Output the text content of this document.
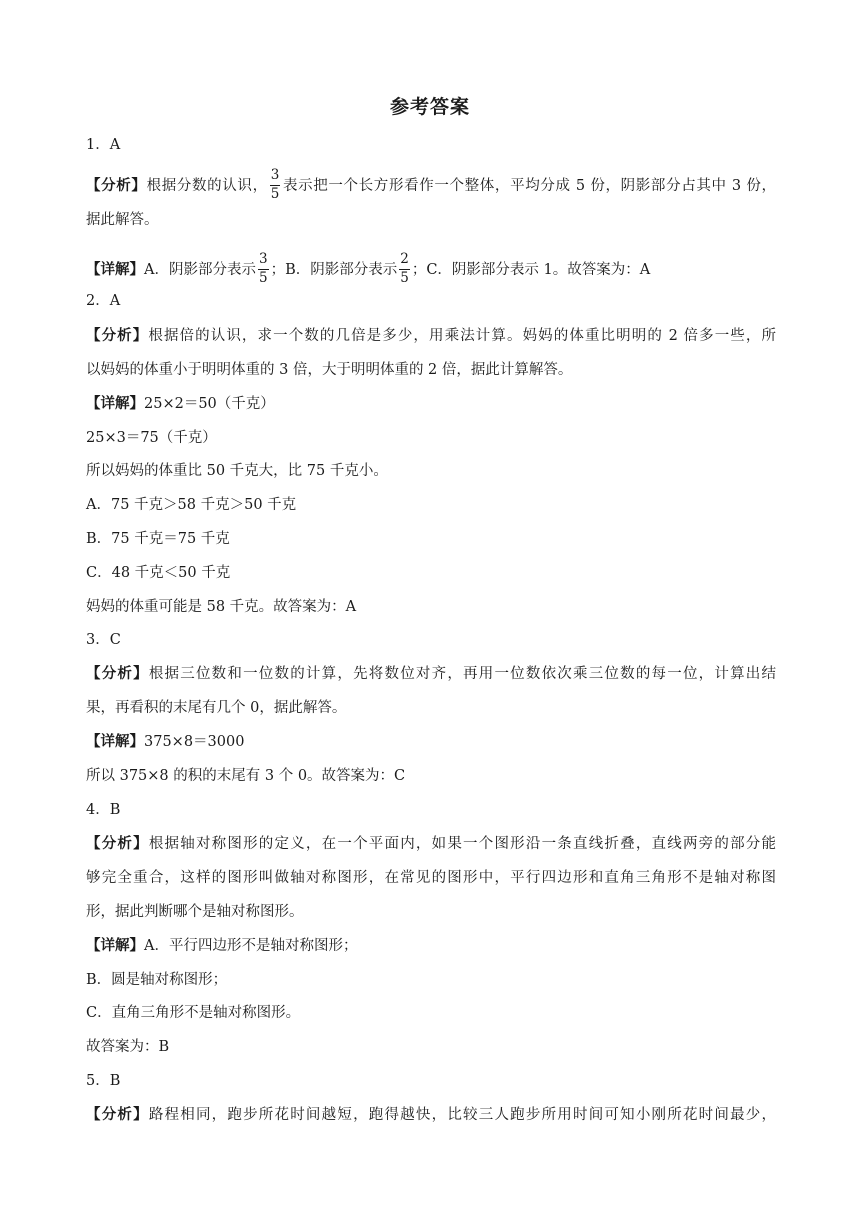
参考答案
1．A
【分析】根据分数的认识， $\frac{3}{5}$ 表示把一个长方形看作一个整体，平均分成 5 份，阴影部分占其中 3 份，
据此解答。
【详解】A．阴影部分表示 $\frac{3}{5}$ ；B．阴影部分表示 $\frac{2}{5}$ ；C．阴影部分表示 1。故答案为：A
2．A
【分析】根据倍的认识，求一个数的几倍是多少，用乘法计算。妈妈的体重比明明的 2 倍多一些，所
以妈妈的体重小于明明体重的 3 倍，大于明明体重的 2 倍，据此计算解答。
【详解】25×2＝50（千克）
25×3＝75（千克）
所以妈妈的体重比 50 千克大，比 75 千克小。
A．75 千克＞58 千克＞50 千克
B．75 千克＝75 千克
C．48 千克＜50 千克
妈妈的体重可能是 58 千克。故答案为：A
3．C
【分析】根据三位数和一位数的计算，先将数位对齐，再用一位数依次乘三位数的每一位，计算出结
果，再看积的末尾有几个 0，据此解答。
【详解】375×8＝3000
所以 375×8 的积的末尾有 3 个 0。故答案为：C
4．B
【分析】根据轴对称图形的定义，在一个平面内，如果一个图形沿一条直线折叠，直线两旁的部分能
够完全重合，这样的图形叫做轴对称图形，在常见的图形中，平行四边形和直角三角形不是轴对称图
形，据此判断哪个是轴对称图形。
【详解】A．平行四边形不是轴对称图形；
B．圆是轴对称图形；
C．直角三角形不是轴对称图形。
故答案为：B
5．B
【分析】路程相同，跑步所花时间越短，跑得越快，比较三人跑步所用时间可知小刚所花时间最少，
